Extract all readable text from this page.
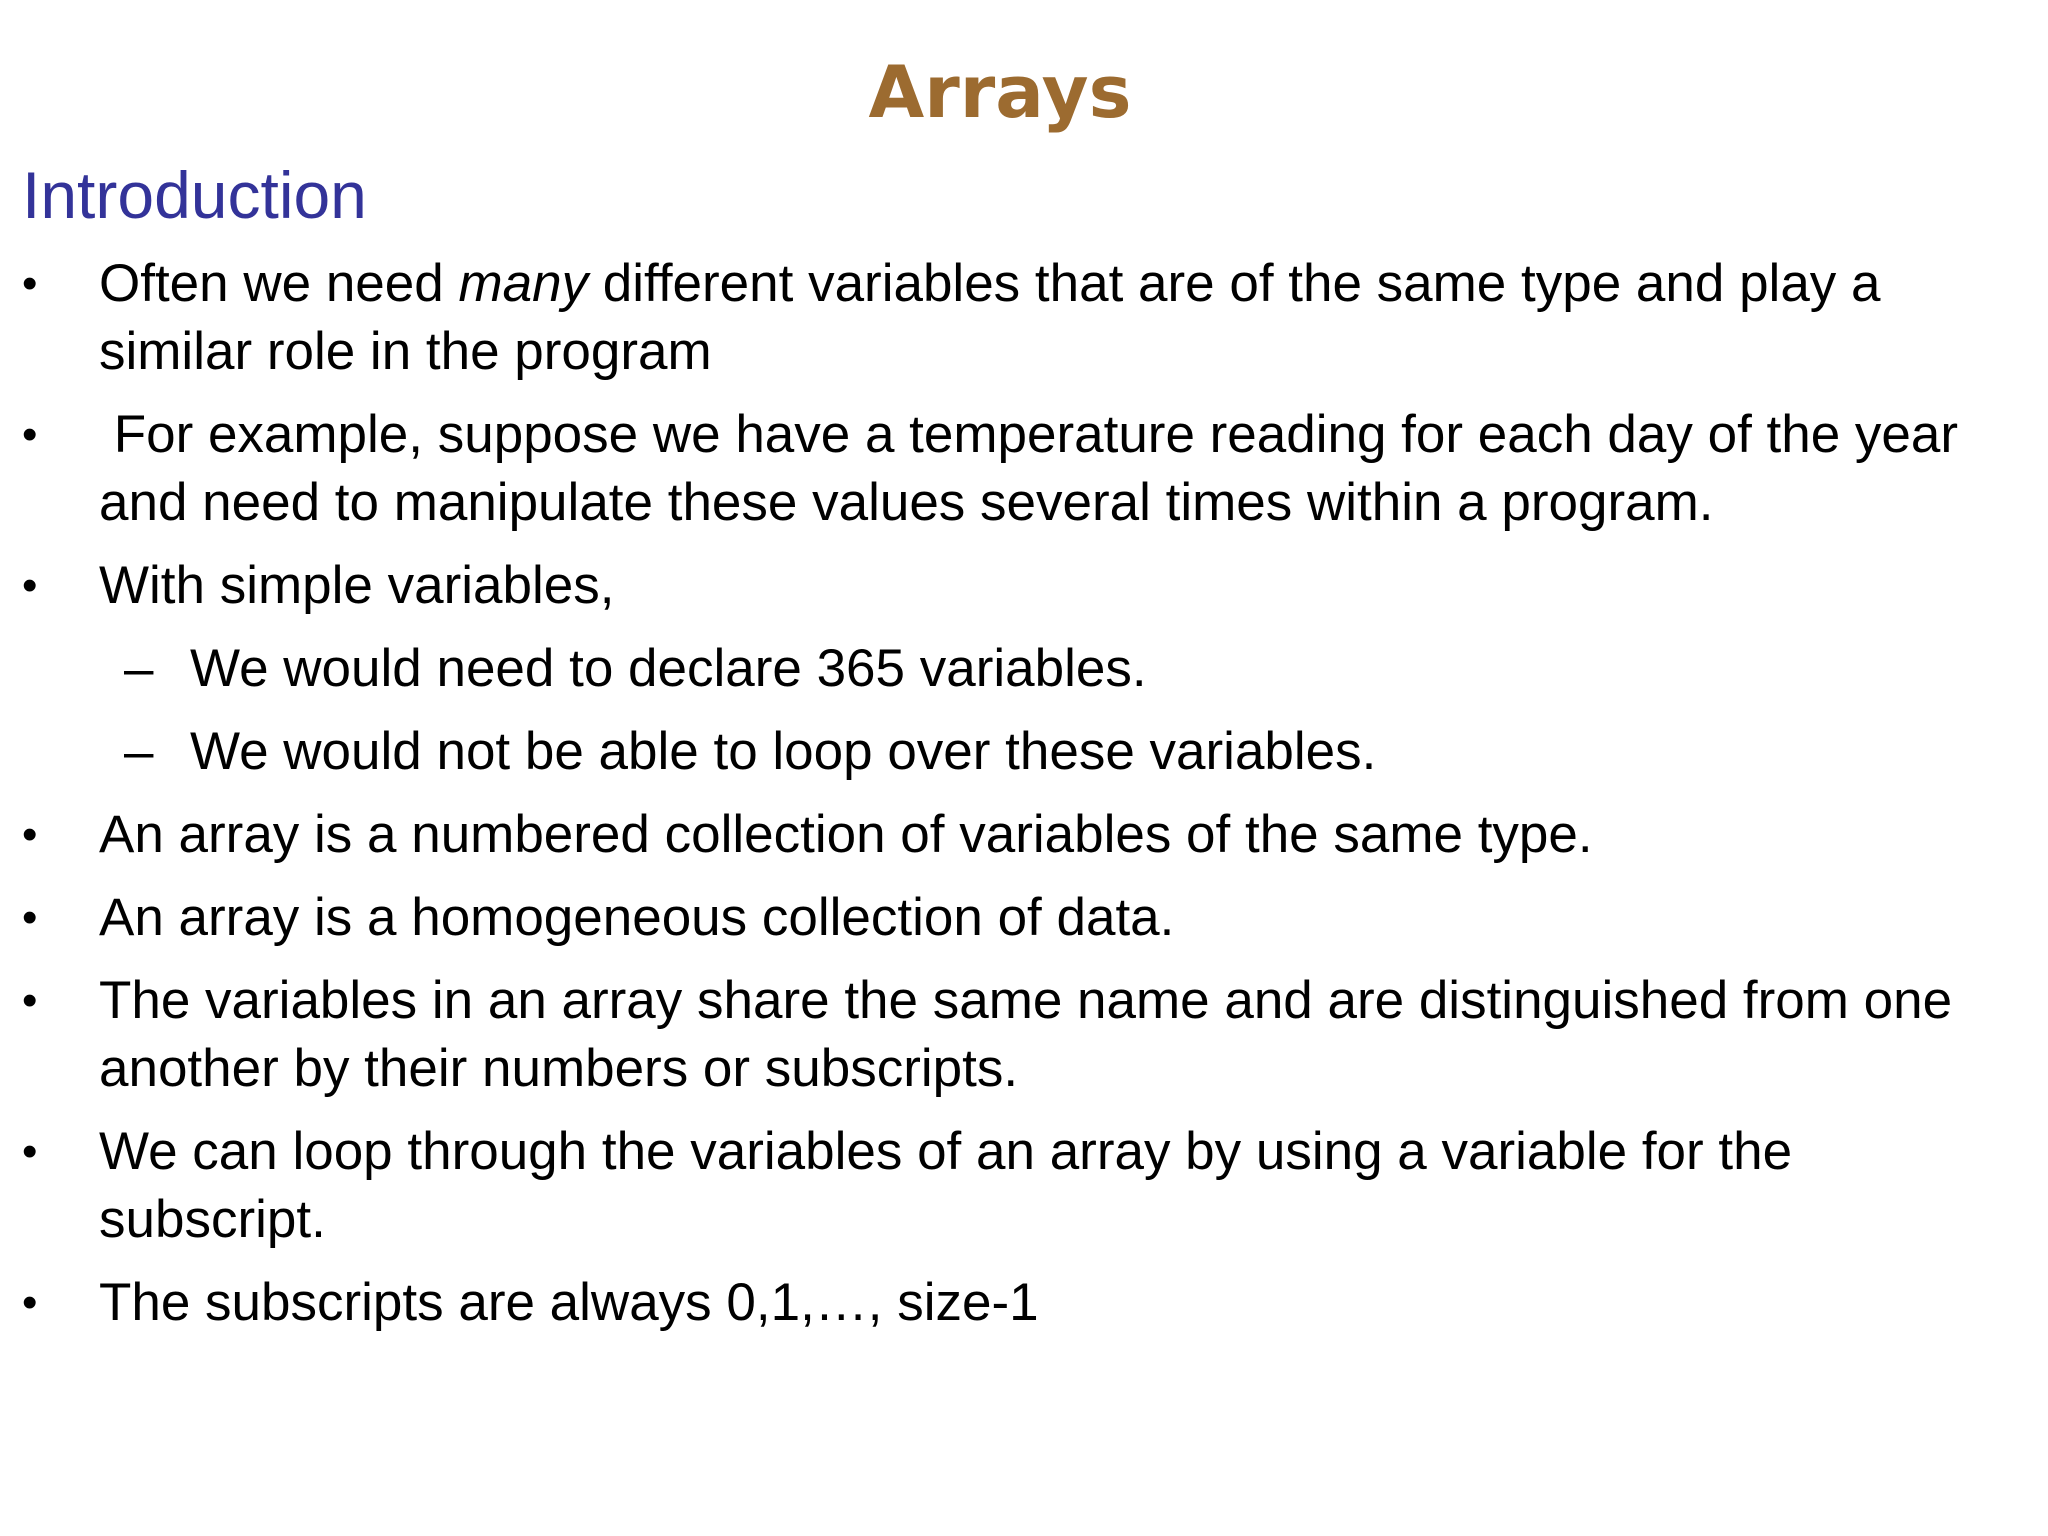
Arrays
Introduction
• Often we need many different variables that are of the same type and play a similar role in the program
• For example, suppose we have a temperature reading for each day of the year and need to manipulate these values several times within a program.
• With simple variables,
– We would need to declare 365 variables.
– We would not be able to loop over these variables.
• An array is a numbered collection of variables of the same type.
• An array is a homogeneous collection of data.
• The variables in an array share the same name and are distinguished from one another by their numbers or subscripts.
• We can loop through the variables of an array by using a variable for the subscript.
• The subscripts are always 0,1,…, size-1
